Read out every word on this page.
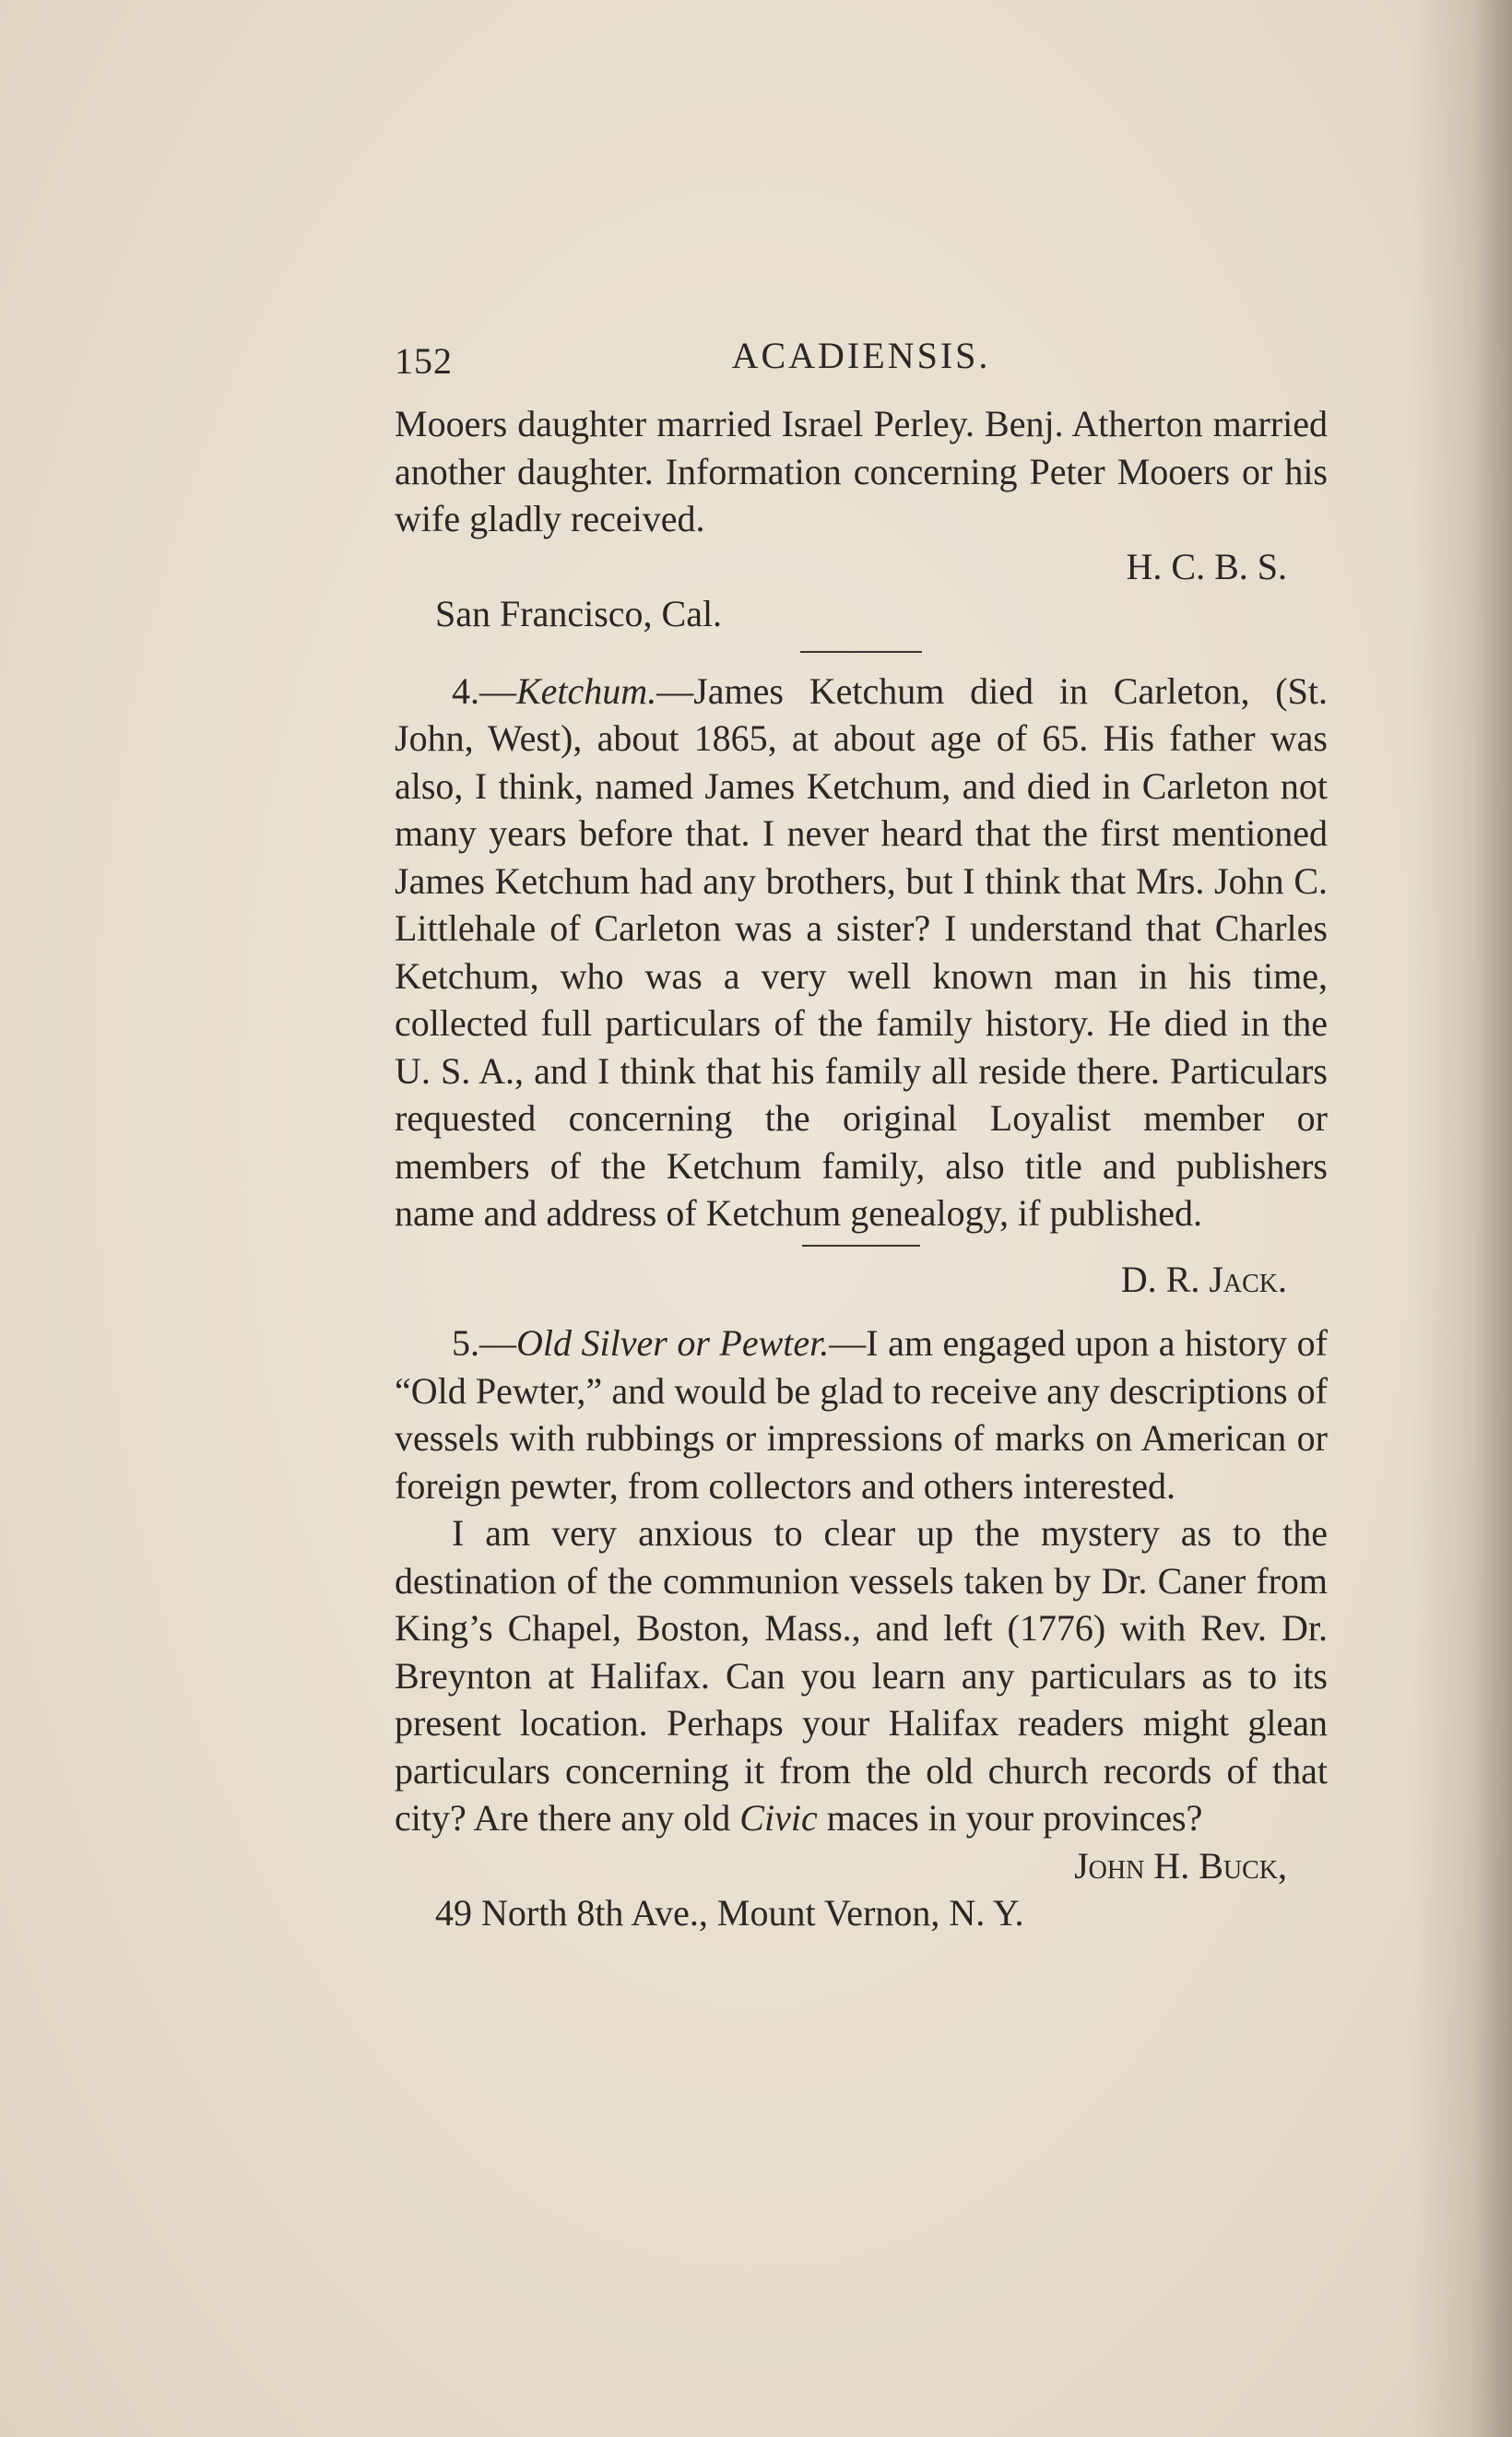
152	ACADIENSIS.

Mooers daughter married Israel Perley. Benj. Atherton married another daughter. Information concerning Peter Mooers or his wife gladly received.

H. C. B. S.

San Francisco, Cal.

4.—Ketchum.—James Ketchum died in Carleton, (St. John, West), about 1865, at about age of 65. His father was also, I think, named James Ketchum, and died in Carleton not many years before that. I never heard that the first mentioned James Ketchum had any brothers, but I think that Mrs. John C. Littlehale of Carleton was a sister? I understand that Charles Ketchum, who was a very well known man in his time, collected full particulars of the family history. He died in the U. S. A., and I think that his family all reside there. Particulars requested concerning the original Loyalist member or members of the Ketchum family, also title and publishers name and address of Ketchum genealogy, if published.

D. R. Jack.

5.—Old Silver or Pewter.—I am engaged upon a history of “Old Pewter,” and would be glad to receive any descriptions of vessels with rubbings or impressions of marks on American or foreign pewter, from collectors and others interested.

I am very anxious to clear up the mystery as to the destination of the communion vessels taken by Dr. Caner from King’s Chapel, Boston, Mass., and left (1776) with Rev. Dr. Breynton at Halifax. Can you learn any particulars as to its present location. Perhaps your Halifax readers might glean particulars concerning it from the old church records of that city? Are there any old Civic maces in your provinces?

John H. Buck,

49 North 8th Ave., Mount Vernon, N. Y.
